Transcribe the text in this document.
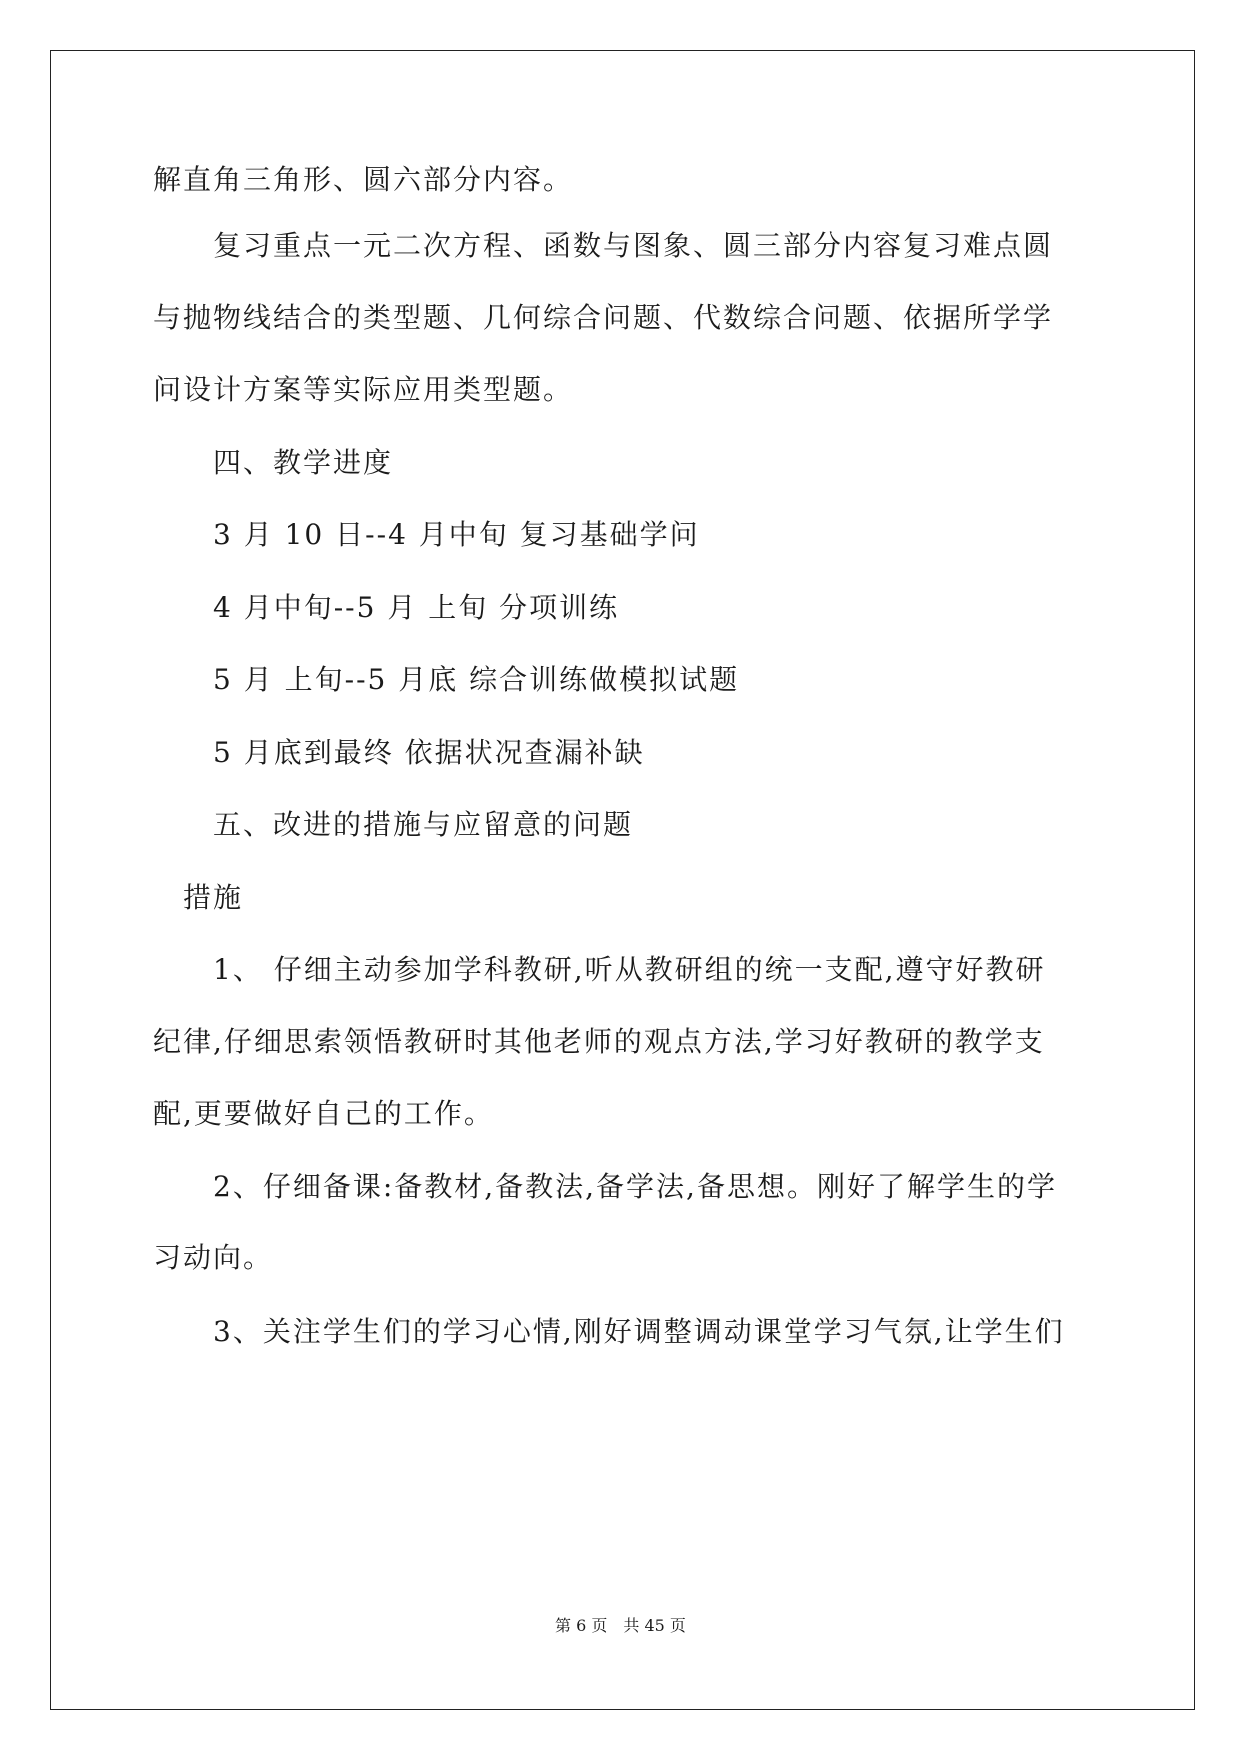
解直角三角形、圆六部分内容。
复习重点一元二次方程、函数与图象、圆三部分内容复习难点圆
与抛物线结合的类型题、几何综合问题、代数综合问题、依据所学学
问设计方案等实际应用类型题。
四、教学进度
3 月 10 日--4 月中旬 复习基础学问
4 月中旬--5 月 上旬 分项训练
5 月 上旬--5 月底 综合训练做模拟试题
5 月底到最终 依据状况查漏补缺
五、改进的措施与应留意的问题
措施
1、 仔细主动参加学科教研,听从教研组的统一支配,遵守好教研
纪律,仔细思索领悟教研时其他老师的观点方法,学习好教研的教学支
配,更要做好自己的工作。
2、仔细备课:备教材,备教法,备学法,备思想。刚好了解学生的学
习动向。
3、关注学生们的学习心情,刚好调整调动课堂学习气氛,让学生们
第 6 页　共 45 页
